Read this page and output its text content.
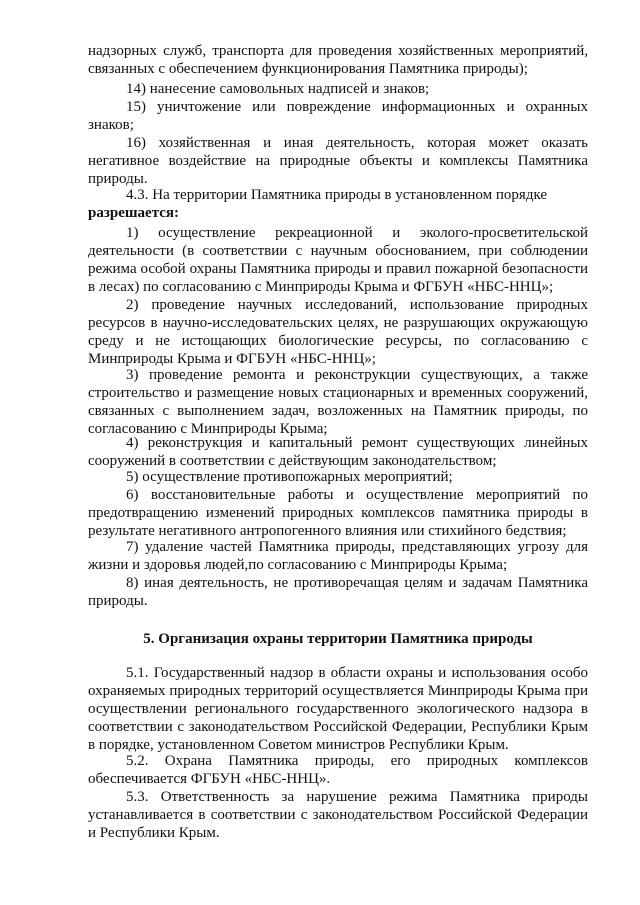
надзорных служб, транспорта для проведения хозяйственных мероприятий, связанных с обеспечением функционирования Памятника природы);

14) нанесение самовольных надписей и знаков;

15) уничтожение или повреждение информационных и охранных знаков;

16) хозяйственная и иная деятельность, которая может оказать негативное воздействие на природные объекты и комплексы Памятника природы.

4.3. На территории Памятника природы в установленном порядке
разрешается:

1) осуществление рекреационной и эколого-просветительской деятельности (в соответствии с научным обоснованием, при соблюдении режима особой охраны Памятника природы и правил пожарной безопасности в лесах) по согласованию с Минприроды Крыма и ФГБУН «НБС-ННЦ»;

2) проведение научных исследований, использование природных ресурсов в научно-исследовательских целях, не разрушающих окружающую среду и не истощающих биологические ресурсы, по согласованию с Минприроды Крыма и ФГБУН «НБС-ННЦ»;

3) проведение ремонта и реконструкции существующих, а также строительство и размещение новых стационарных и временных сооружений, связанных с выполнением задач, возложенных на Памятник природы, по согласованию с Минприроды Крыма;

4) реконструкция и капитальный ремонт существующих линейных сооружений в соответствии с действующим законодательством;

5) осуществление противопожарных мероприятий;

6) восстановительные работы и осуществление мероприятий по предотвращению изменений природных комплексов памятника природы в результате негативного антропогенного влияния или стихийного бедствия;

7) удаление частей Памятника природы, представляющих угрозу для жизни и здоровья людей,по согласованию с Минприроды Крыма;

8) иная деятельность, не противоречащая целям и задачам Памятника природы.

5. Организация охраны территории Памятника природы

5.1. Государственный надзор в области охраны и использования особо охраняемых природных территорий осуществляется Минприроды Крыма при осуществлении регионального государственного экологического надзора в соответствии с законодательством Российской Федерации, Республики Крым в порядке, установленном Советом министров Республики Крым.

5.2. Охрана Памятника природы, его природных комплексов обеспечивается ФГБУН «НБС-ННЦ».

5.3. Ответственность за нарушение режима Памятника природы устанавливается в соответствии с законодательством Российской Федерации и Республики Крым.
